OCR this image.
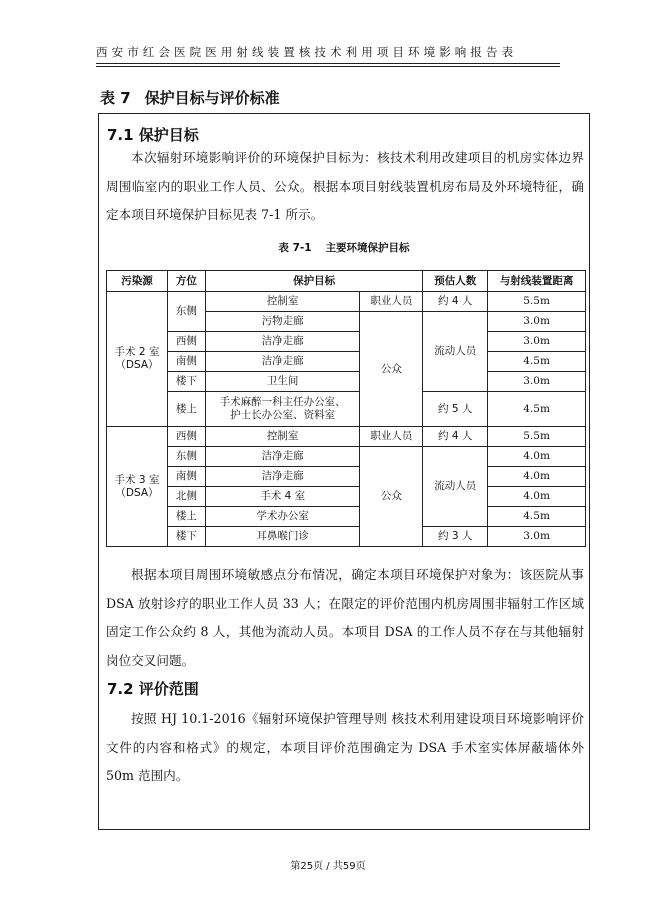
西安市红会医院医用射线装置核技术利用项目环境影响报告表
表 7 保护目标与评价标准
7.1 保护目标

本次辐射环境影响评价的环境保护目标为：核技术利用改建项目的机房实体边界周围临室内的职业工作人员、公众。根据本项目射线装置机房布局及外环境特征，确定本项目环境保护目标见表 7-1 所示。

表 7-1 主要环境保护目标
污染源	方位	保护目标		预估人数	与射线装置距离
手术 2 室
（DSA）	东侧	控制室	职业人员	约 4 人	5.5m
		污物走廊	公众	流动人员	3.0m
	西侧	洁净走廊			3.0m
	南侧	洁净走廊			4.5m
	楼下	卫生间			3.0m
	楼上	手术麻醉一科主任办公室、
护士长办公室、资料室		约 5 人	4.5m
手术 3 室
（DSA）	西侧	控制室	职业人员	约 4 人	5.5m
	东侧	洁净走廊	公众	流动人员	4.0m
	南侧	洁净走廊			4.0m
	北侧	手术 4 室			4.0m
	楼上	学术办公室			4.5m
	楼下	耳鼻喉门诊		约 3 人	3.0m

根据本项目周围环境敏感点分布情况，确定本项目环境保护对象为：该医院从事 DSA 放射诊疗的职业工作人员 33 人；在限定的评价范围内机房周围非辐射工作区域固定工作公众约 8 人，其他为流动人员。本项目 DSA 的工作人员不存在与其他辐射岗位交叉问题。

7.2 评价范围

按照 HJ 10.1-2016《辐射环境保护管理导则 核技术利用建设项目环境影响评价文件的内容和格式》的规定，本项目评价范围确定为 DSA 手术室实体屏蔽墙体外 50m 范围内。

第25页 / 共59页
